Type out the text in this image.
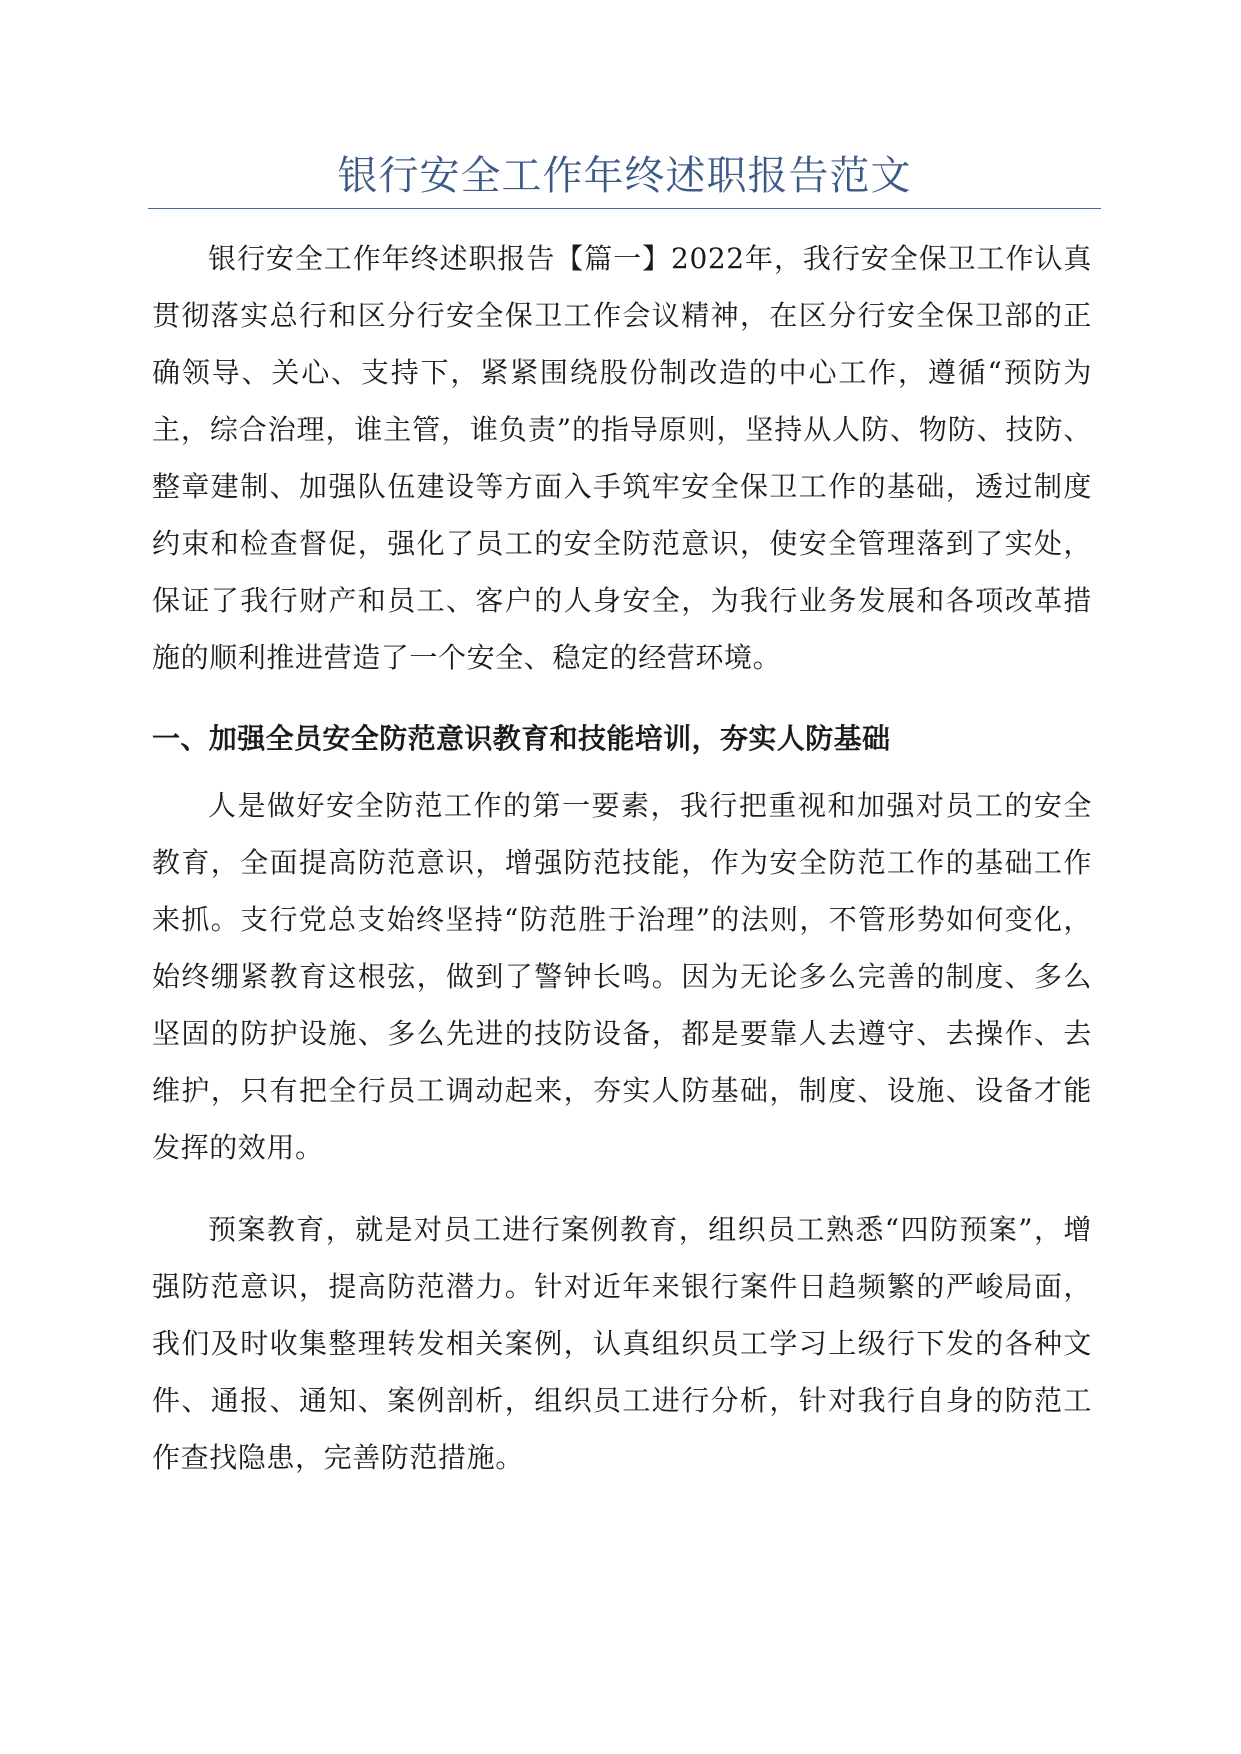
银行安全工作年终述职报告范文

银行安全工作年终述职报告【篇一】2022年，我行安全保卫工作认真贯彻落实总行和区分行安全保卫工作会议精神，在区分行安全保卫部的正确领导、关心、支持下，紧紧围绕股份制改造的中心工作，遵循“预防为主，综合治理，谁主管，谁负责”的指导原则，坚持从人防、物防、技防、整章建制、加强队伍建设等方面入手筑牢安全保卫工作的基础，透过制度约束和检查督促，强化了员工的安全防范意识，使安全管理落到了实处，保证了我行财产和员工、客户的人身安全，为我行业务发展和各项改革措施的顺利推进营造了一个安全、稳定的经营环境。

一、加强全员安全防范意识教育和技能培训，夯实人防基础

人是做好安全防范工作的第一要素，我行把重视和加强对员工的安全教育，全面提高防范意识，增强防范技能，作为安全防范工作的基础工作来抓。支行党总支始终坚持“防范胜于治理”的法则，不管形势如何变化，始终绷紧教育这根弦，做到了警钟长鸣。因为无论多么完善的制度、多么坚固的防护设施、多么先进的技防设备，都是要靠人去遵守、去操作、去维护，只有把全行员工调动起来，夯实人防基础，制度、设施、设备才能发挥的效用。

预案教育，就是对员工进行案例教育，组织员工熟悉“四防预案”，增强防范意识，提高防范潜力。针对近年来银行案件日趋频繁的严峻局面，我们及时收集整理转发相关案例，认真组织员工学习上级行下发的各种文件、通报、通知、案例剖析，组织员工进行分析，针对我行自身的防范工作查找隐患，完善防范措施。
